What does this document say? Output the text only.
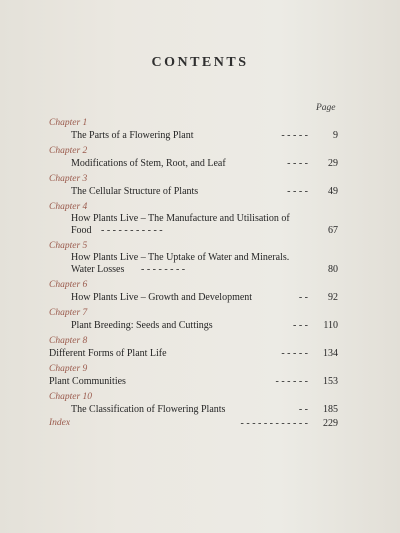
CONTENTS
Page
Chapter 1
The Parts of a Flowering Plant	- - - - -	9
Chapter 2
Modifications of Stem, Root, and Leaf	- - - - 29
Chapter 3
The Cellular Structure of Plants	- - - - 49
Chapter 4
How Plants Live – The Manufacture and Utilisation of
Food - - - - - - - - - - -	67
Chapter 5
How Plants Live – The Uptake of Water and Minerals.
Water Losses - - - - - - - -	80
Chapter 6
How Plants Live – Growth and Development	- - 92
Chapter 7
Plant Breeding: Seeds and Cuttings	- - - 110
Chapter 8
Different Forms of Plant Life	- - - - - 134
Chapter 9
Plant Communities	- - - - - - 153
Chapter 10
The Classification of Flowering Plants	- - 185
Index	- - - - - - - - - - - - 229
